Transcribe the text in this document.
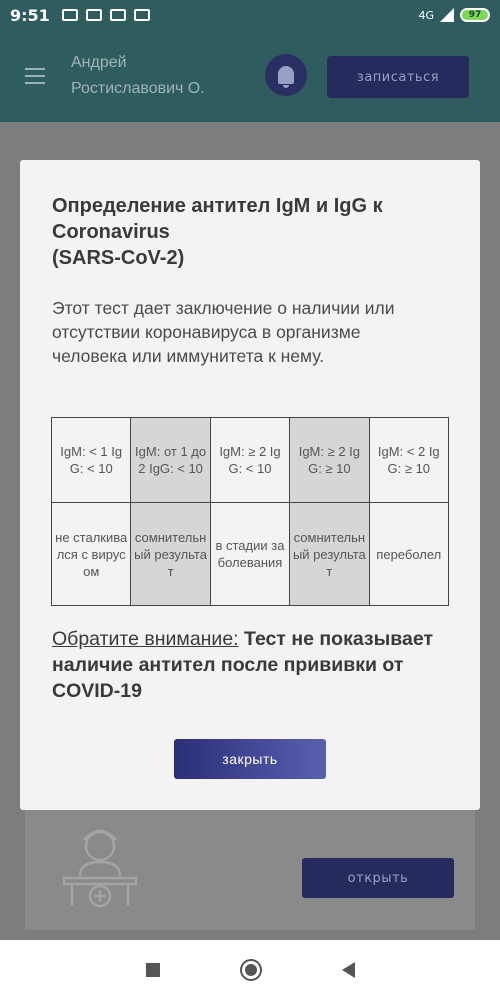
9:51	4G	97
Андрей
Ростиславович О.
записаться
открыть
Определение антител IgM и IgG к
Coronavirus
(SARS-CoV-2)
Этот тест дает заключение о наличии или отсутствии коронавируса в организме человека или иммунитета к нему.
IgM: < 1 IgG: < 10	IgM: от 1 до 2 IgG: < 10	IgM: ≥ 2 IgG: < 10	IgM: ≥ 2 IgG: ≥ 10	IgM: < 2 IgG: ≥ 10
не сталкивался с вирусом	сомнительный результат	в стадии заболевания	сомнительный результат	переболел
Обратите внимание: Тест не показывает наличие антител после прививки от COVID-19
закрыть
